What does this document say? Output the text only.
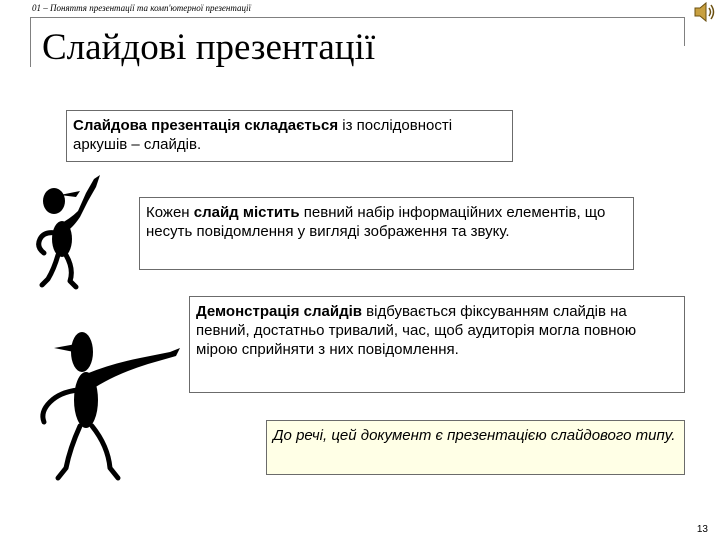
01 – Поняття презентації та комп'ютерної презентації
Слайдові презентації
Слайдова презентація складається із послідовності аркушів – слайдів.
Кожен слайд містить певний набір інформаційних елементів, що несуть повідомлення у вигляді зображення та звуку.
Демонстрація слайдів відбувається фіксуванням слайдів на певний, достатньо тривалий, час, щоб аудиторія могла повною мірою сприйняти з них повідомлення.
До речі, цей документ є презентацією слайдового типу.
13
